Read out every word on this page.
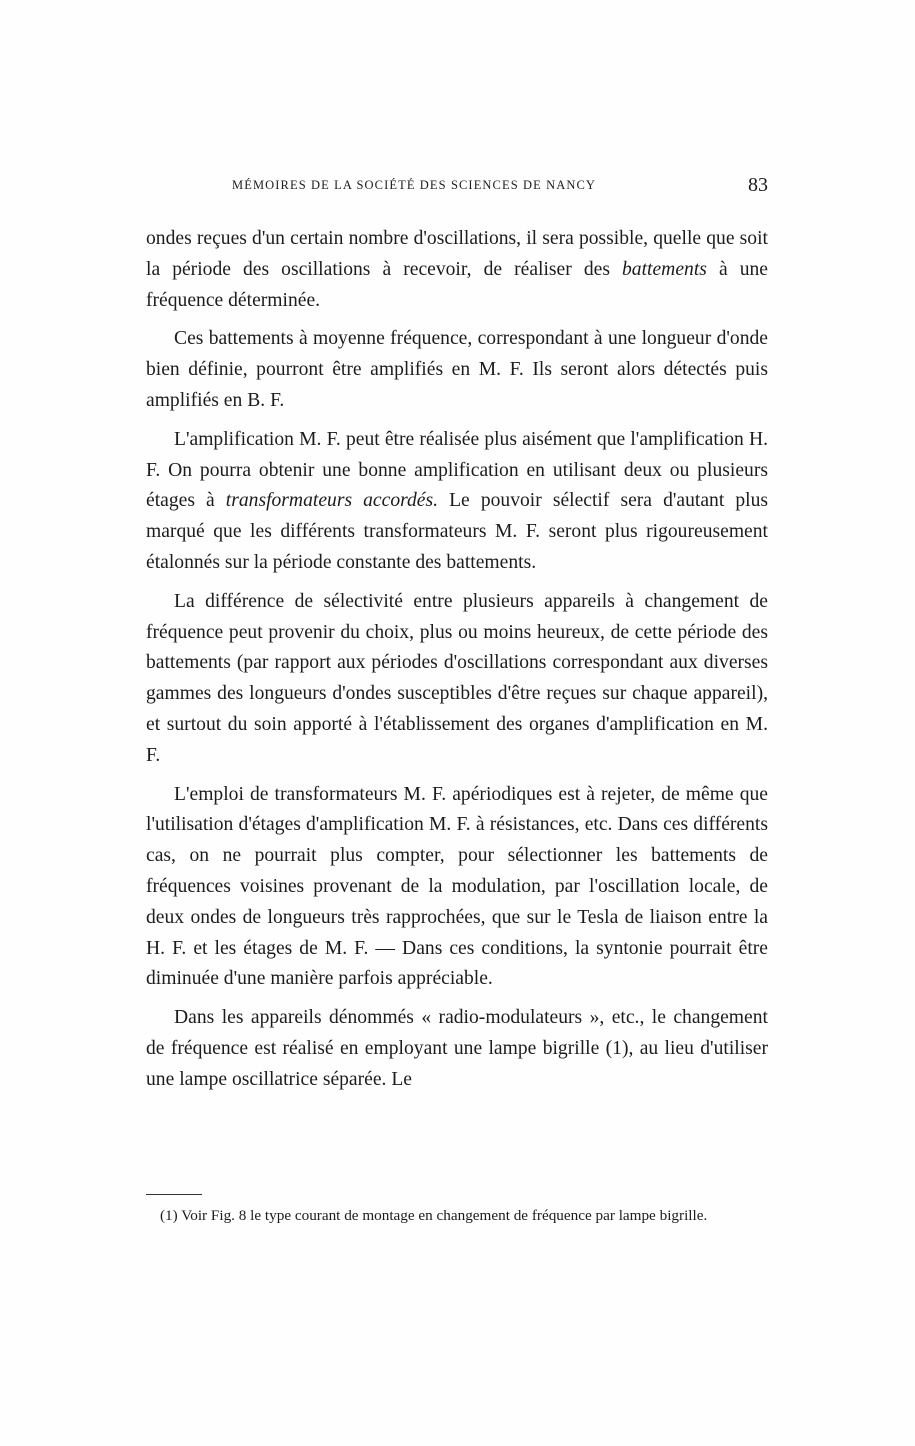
MÉMOIRES DE LA SOCIÉTÉ DES SCIENCES DE NANCY	83

ondes reçues d'un certain nombre d'oscillations, il sera possible, quelle que soit la période des oscillations à recevoir, de réaliser des battements à une fréquence déterminée.

Ces battements à moyenne fréquence, correspondant à une longueur d'onde bien définie, pourront être amplifiés en M. F. Ils seront alors détectés puis amplifiés en B. F.

L'amplification M. F. peut être réalisée plus aisément que l'amplification H. F. On pourra obtenir une bonne amplification en utilisant deux ou plusieurs étages à transformateurs accordés. Le pouvoir sélectif sera d'autant plus marqué que les différents transformateurs M. F. seront plus rigoureusement étalonnés sur la période constante des battements.

La différence de sélectivité entre plusieurs appareils à changement de fréquence peut provenir du choix, plus ou moins heureux, de cette période des battements (par rapport aux périodes d'oscillations correspondant aux diverses gammes des longueurs d'ondes susceptibles d'être reçues sur chaque appareil), et surtout du soin apporté à l'établissement des organes d'amplification en M. F.

L'emploi de transformateurs M. F. apériodiques est à rejeter, de même que l'utilisation d'étages d'amplification M. F. à résistances, etc. Dans ces différents cas, on ne pourrait plus compter, pour sélectionner les battements de fréquences voisines provenant de la modulation, par l'oscillation locale, de deux ondes de longueurs très rapprochées, que sur le Tesla de liaison entre la H. F. et les étages de M. F. — Dans ces conditions, la syntonie pourrait être diminuée d'une manière parfois appréciable.

Dans les appareils dénommés « radio-modulateurs », etc., le changement de fréquence est réalisé en employant une lampe bigrille (1), au lieu d'utiliser une lampe oscillatrice séparée. Le

(1) Voir Fig. 8 le type courant de montage en changement de fréquence par lampe bigrille.
